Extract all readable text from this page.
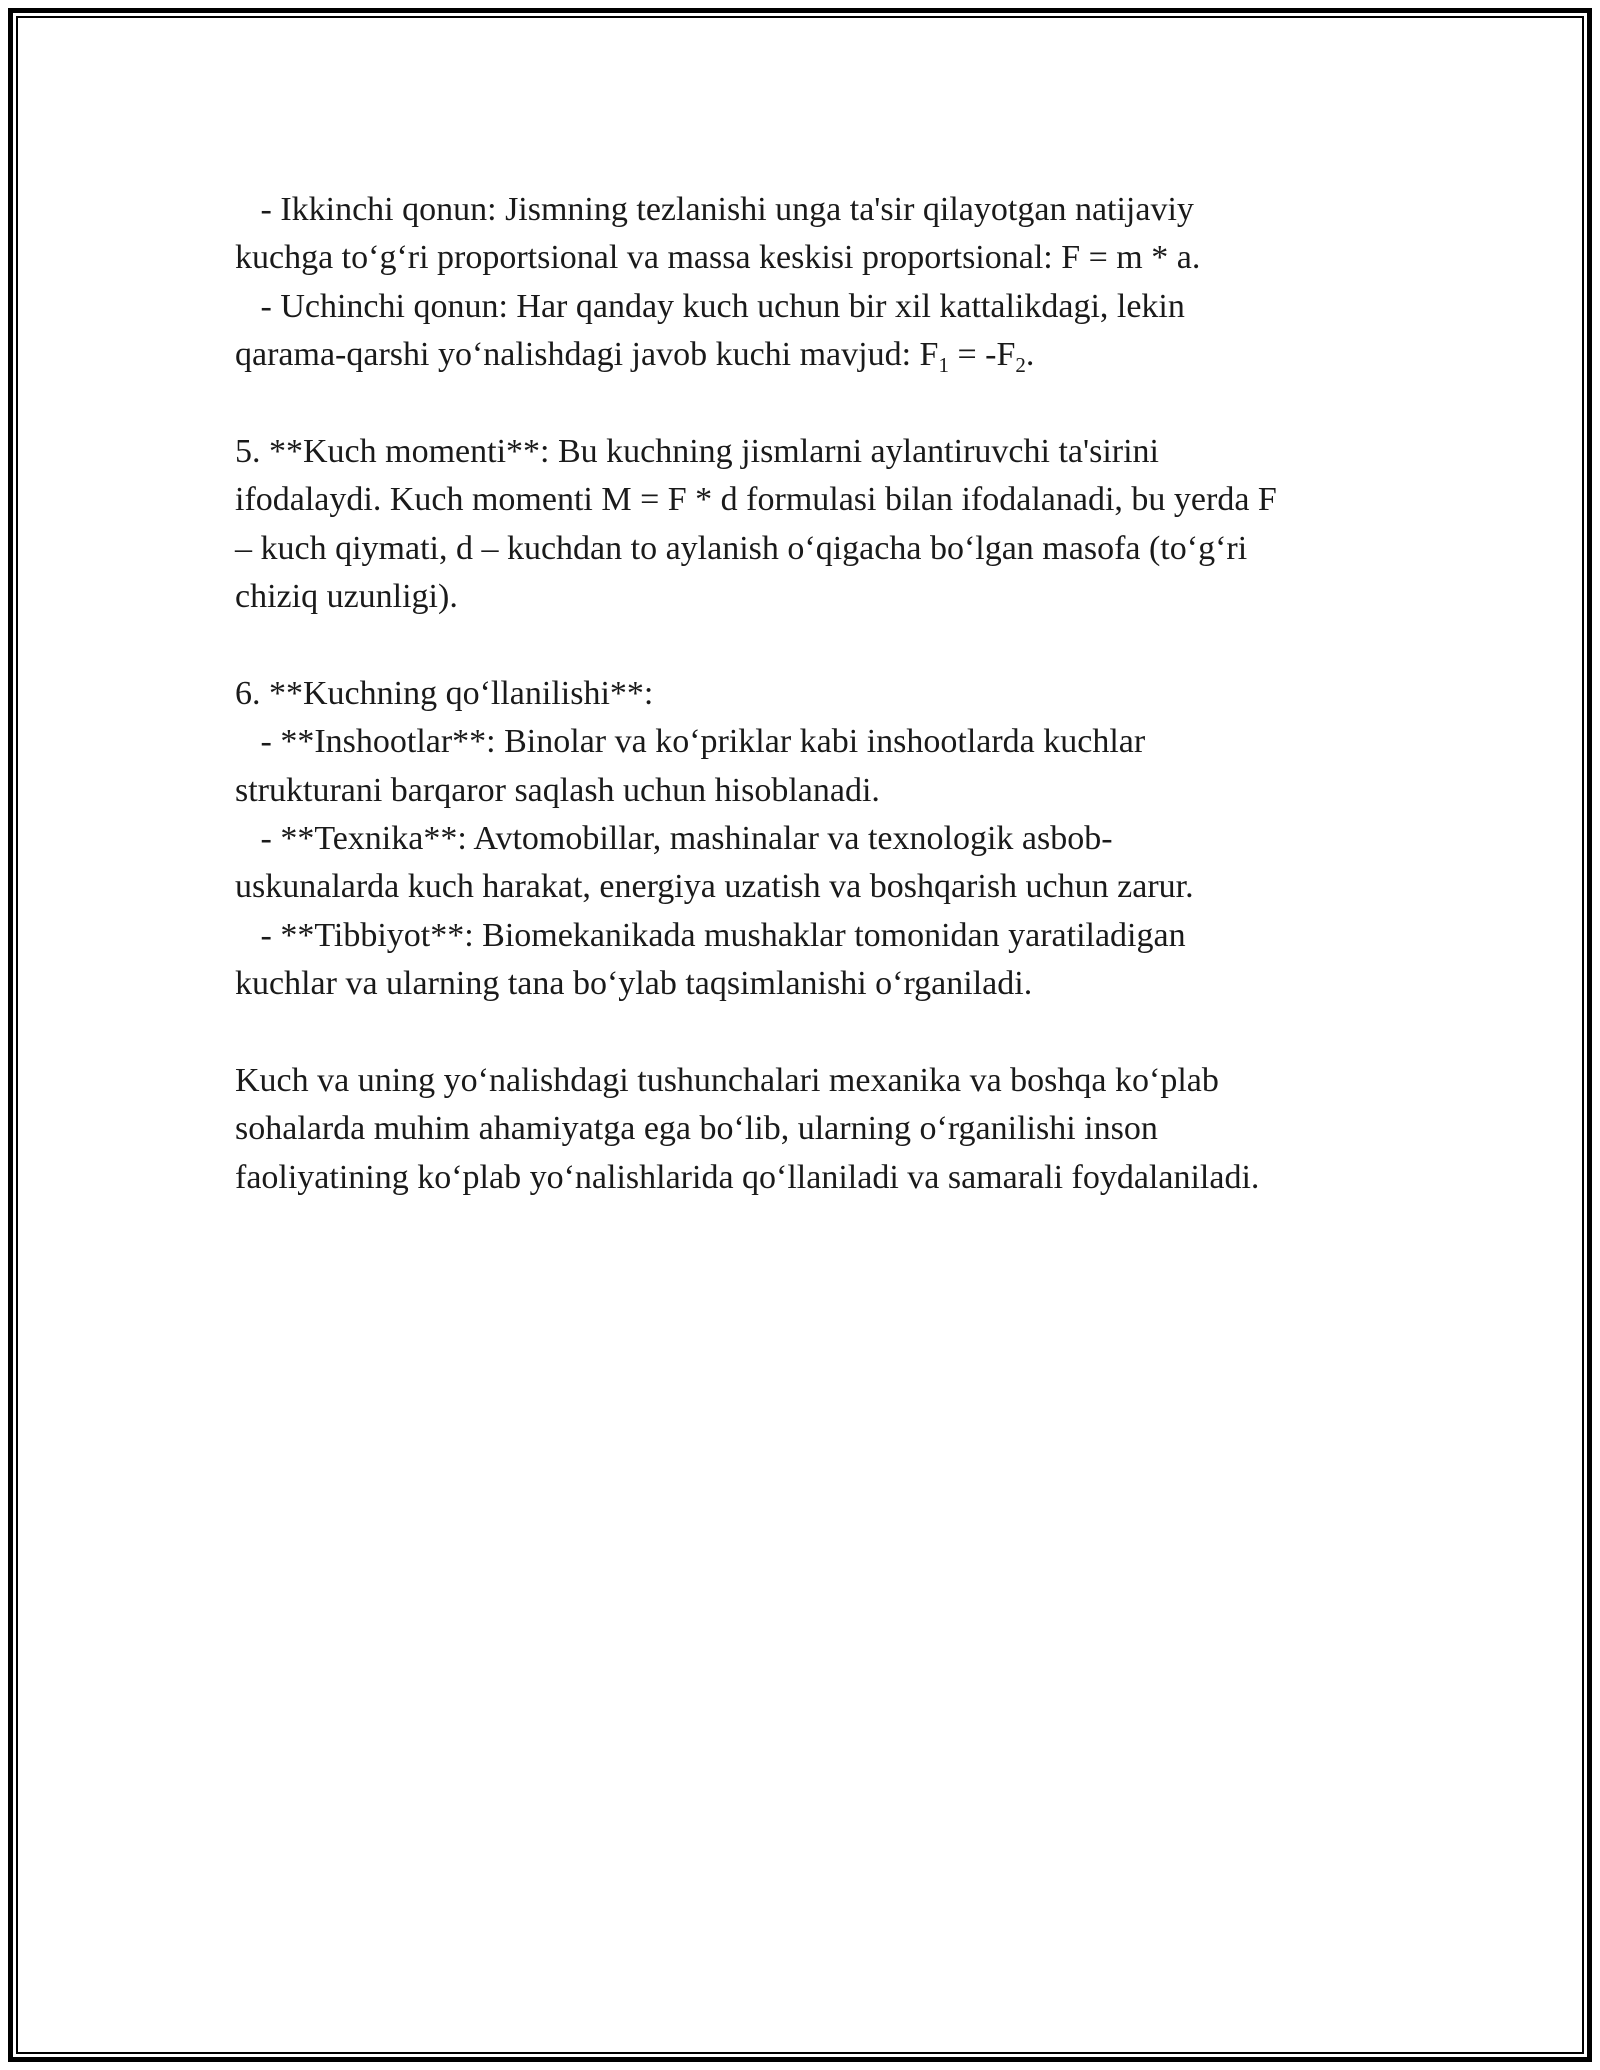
- Ikkinchi qonun: Jismning tezlanishi unga ta'sir qilayotgan natijaviy
kuchga to‘g‘ri proportsional va massa keskisi proportsional: F = m * a.
- Uchinchi qonun: Har qanday kuch uchun bir xil kattalikdagi, lekin
qarama-qarshi yo‘nalishdagi javob kuchi mavjud: $F_1 = -F_2$.
5. **Kuch momenti**: Bu kuchning jismlarni aylantiruvchi ta'sirini
ifodalaydi. Kuch momenti M = F * d formulasi bilan ifodalanadi, bu yerda F
– kuch qiymati, d – kuchdan to aylanish o‘qigacha bo‘lgan masofa (to‘g‘ri
chiziq uzunligi).
6. **Kuchning qo‘llanilishi**:
- **Inshootlar**: Binolar va ko‘priklar kabi inshootlarda kuchlar
strukturani barqaror saqlash uchun hisoblanadi.
- **Texnika**: Avtomobillar, mashinalar va texnologik asbob-
uskunalarda kuch harakat, energiya uzatish va boshqarish uchun zarur.
- **Tibbiyot**: Biomekanikada mushaklar tomonidan yaratiladigan
kuchlar va ularning tana bo‘ylab taqsimlanishi o‘rganiladi.
Kuch va uning yo‘nalishdagi tushunchalari mexanika va boshqa ko‘plab
sohalarda muhim ahamiyatga ega bo‘lib, ularning o‘rganilishi inson
faoliyatining ko‘plab yo‘nalishlarida qo‘llaniladi va samarali foydalaniladi.
